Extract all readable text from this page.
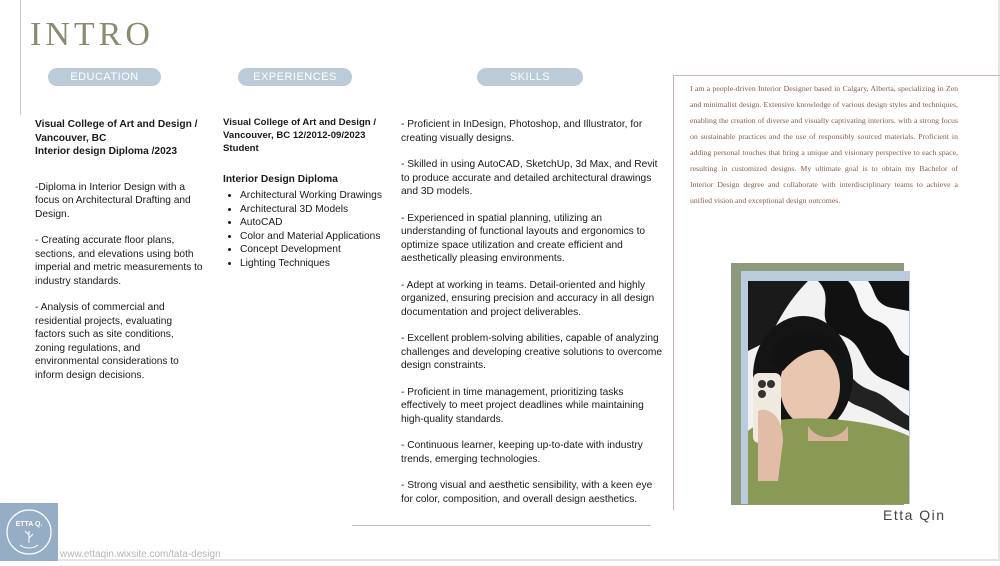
INTRO
EDUCATION	EXPERIENCES	SKILLS
Visual College of Art and Design /
Vancouver, BC
Interior design Diploma /2023

-Diploma in Interior Design with a focus on Architectural Drafting and Design.

- Creating accurate floor plans, sections, and elevations using both imperial and metric measurements to industry standards.

- Analysis of commercial and residential projects, evaluating factors such as site conditions, zoning regulations, and environmental considerations to inform design decisions.

Visual College of Art and Design /
Vancouver, BC 12/2012-09/2023
Student
Interior Design Diploma
• Architectural Working Drawings
• Architectural 3D Models
• AutoCAD
• Color and Material Applications
• Concept Development
• Lighting Techniques

- Proficient in InDesign, Photoshop, and Illustrator, for creating visually designs.

- Skilled in using AutoCAD, SketchUp, 3d Max, and Revit to produce accurate and detailed architectural drawings and 3D models.

- Experienced in spatial planning, utilizing an understanding of functional layouts and ergonomics to optimize space utilization and create efficient and aesthetically pleasing environments.

- Adept at working in teams. Detail-oriented and highly organized, ensuring precision and accuracy in all design documentation and project deliverables.

- Excellent problem-solving abilities, capable of analyzing challenges and developing creative solutions to overcome design constraints.

- Proficient in time management, prioritizing tasks effectively to meet project deadlines while maintaining high-quality standards.

- Continuous learner, keeping up-to-date with industry trends, emerging technologies.

- Strong visual and aesthetic sensibility, with a keen eye for color, composition, and overall design aesthetics.

I am a people-driven Interior Designer based in Calgary, Alberta, specializing in Zen and minimalist design. Extensive knowledge of various design styles and techniques, enabling the creation of diverse and visually captivating interiors. with a strong focus on sustainable practices and the use of responsibly sourced materials. Proficient in adding personal touches that bring a unique and visionary perspective to each space, resulting in customized designs. My ultimate goal is to obtain my Bachelor of Interior Design degree and collaborate with interdisciplinary teams to achieve a unified vision and exceptional design outcomes.
Etta Qin
ETTA Q.
www.ettaqin.wixsite.com/tata-design
